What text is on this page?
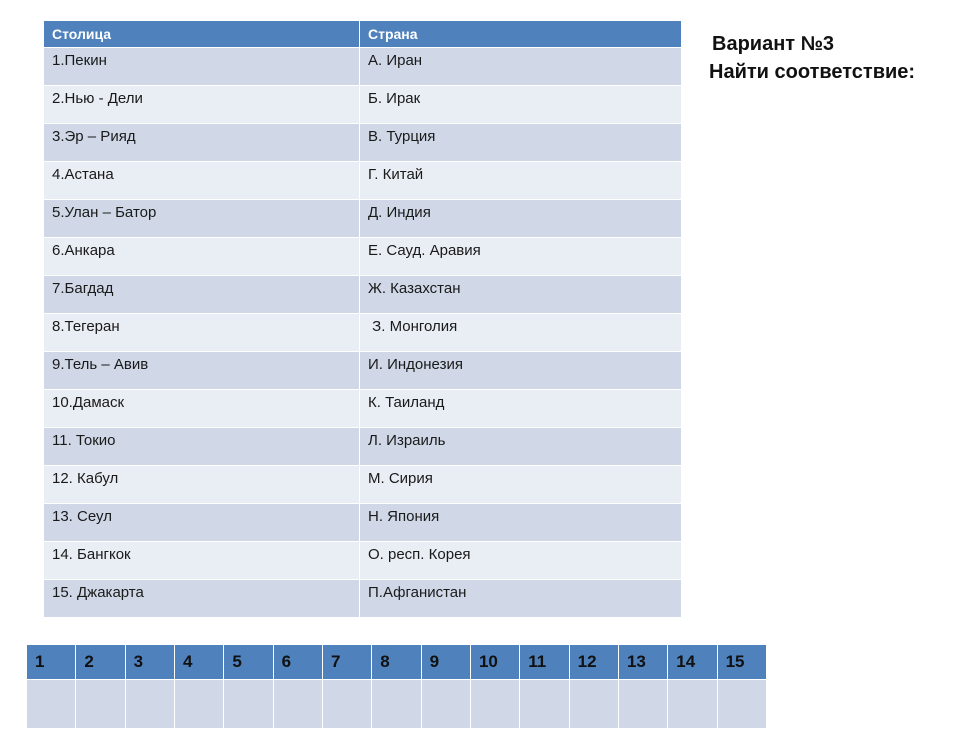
Столица	Страна
1.Пекин	А. Иран
2.Нью - Дели	Б. Ирак
3.Эр – Рияд	В. Турция
4.Астана	Г. Китай
5.Улан – Батор	Д. Индия
6.Анкара	Е. Сауд. Аравия
7.Багдад	Ж. Казахстан
8.Тегеран	З. Монголия
9.Тель – Авив	И. Индонезия
10.Дамаск	К. Таиланд
11. Токио	Л. Израиль
12. Кабул	М. Сирия
13. Сеул	Н. Япония
14. Бангкок	О. респ. Корея
15. Джакарта	П.Афганистан
Вариант №3
Найти соответствие:
1	2	3	4	5	6	7	8	9	10	11	12	13	14	15
